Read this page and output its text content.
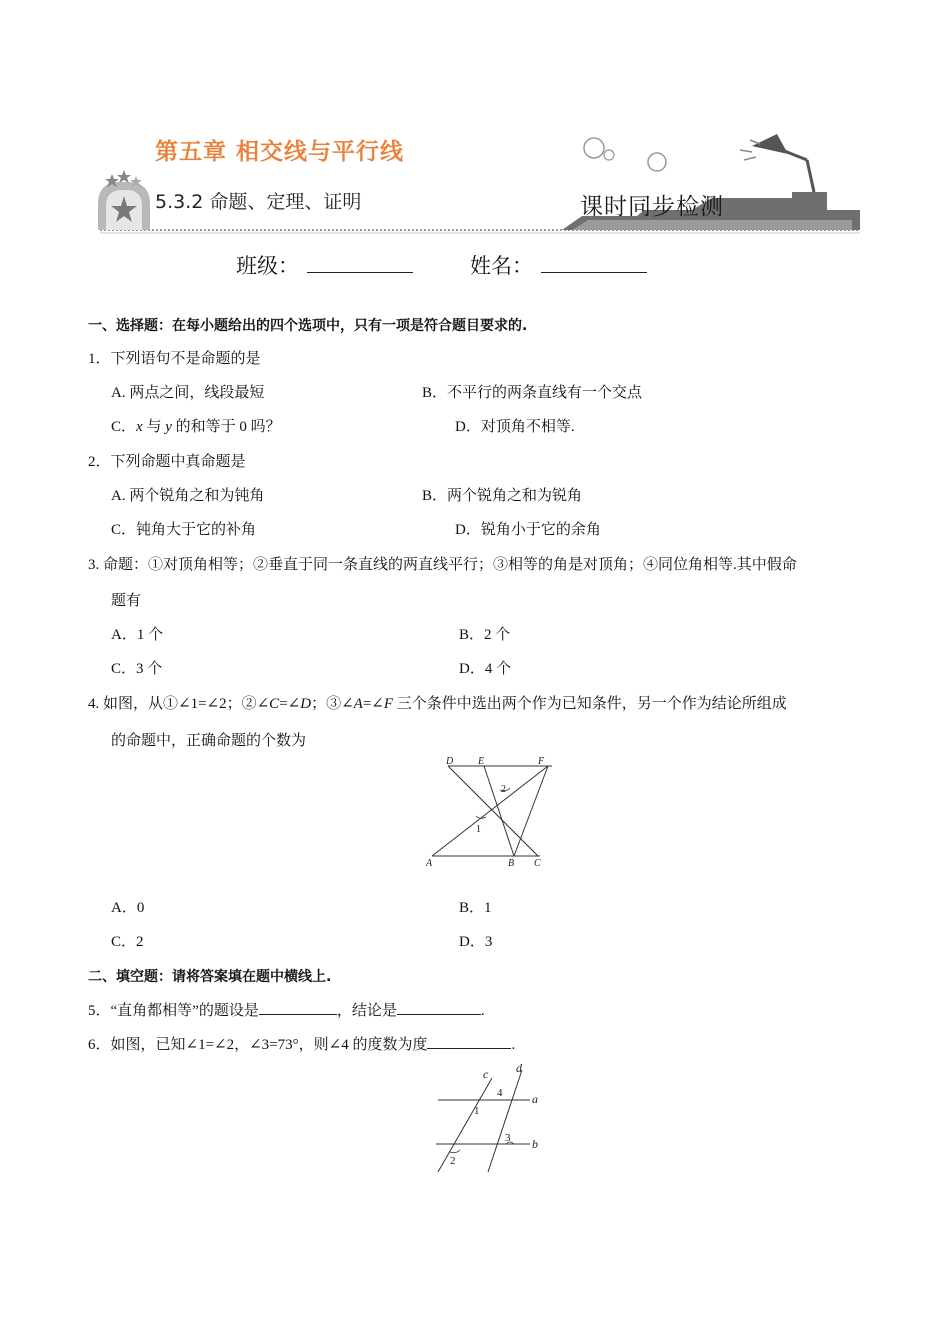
第五章 相交线与平行线
5.3.2 命题、定理、证明	课时同步检测
班级：	姓名：
一、选择题：在每小题给出的四个选项中，只有一项是符合题目要求的.
1．下列语句不是命题的是
A. 两点之间，线段最短	B．不平行的两条直线有一个交点
C．x 与 y 的和等于 0 吗？	D．对顶角不相等.
2．下列命题中真命题是
A. 两个锐角之和为钝角	B．两个锐角之和为锐角
C．钝角大于它的补角	D．锐角小于它的余角
3. 命题：①对顶角相等；②垂直于同一条直线的两直线平行；③相等的角是对顶角；④同位角相等.其中假命
题有
A．1 个	B．2 个
C．3 个	D．4 个
4. 如图，从①∠1=∠2；②∠C=∠D；③∠A=∠F 三个条件中选出两个作为已知条件，另一个作为结论所组成
的命题中，正确命题的个数为
D E	F
A	B C
1
2
A．0	B．1
C．2	D．3
二、填空题：请将答案填在题中横线上.
5．“直角都相等”的题设是	，结论是	.
6．如图，已知∠1=∠2，∠3=73°，则∠4 的度数为度	.
c d
a
b
1
2
3
4
